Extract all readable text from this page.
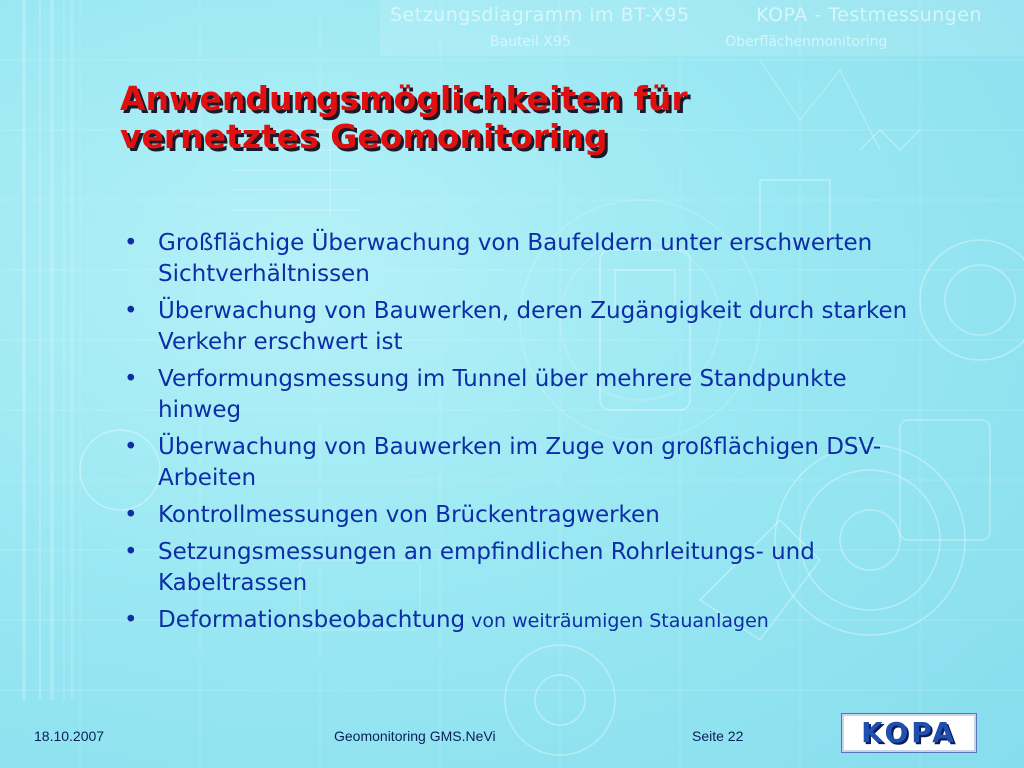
Setzungsdiagramm im BT-X95	KOPA - Testmessungen
Bauteil X95	Oberflächenmonitoring
Anwendungsmöglichkeiten für
vernetztes Geomonitoring
• Großflächige Überwachung von Baufeldern unter erschwerten Sichtverhältnissen
• Überwachung von Bauwerken, deren Zugängigkeit durch starken Verkehr erschwert ist
• Verformungsmessung im Tunnel über mehrere Standpunkte hinweg
• Überwachung von Bauwerken im Zuge von großflächigen DSV-Arbeiten
• Kontrollmessungen von Brückentragwerken
• Setzungsmessungen an empfindlichen Rohrleitungs- und Kabeltrassen
• Deformationsbeobachtung von weiträumigen Stauanlagen
18.10.2007	Geomonitoring GMS.NeVi	Seite 22	KOPA
